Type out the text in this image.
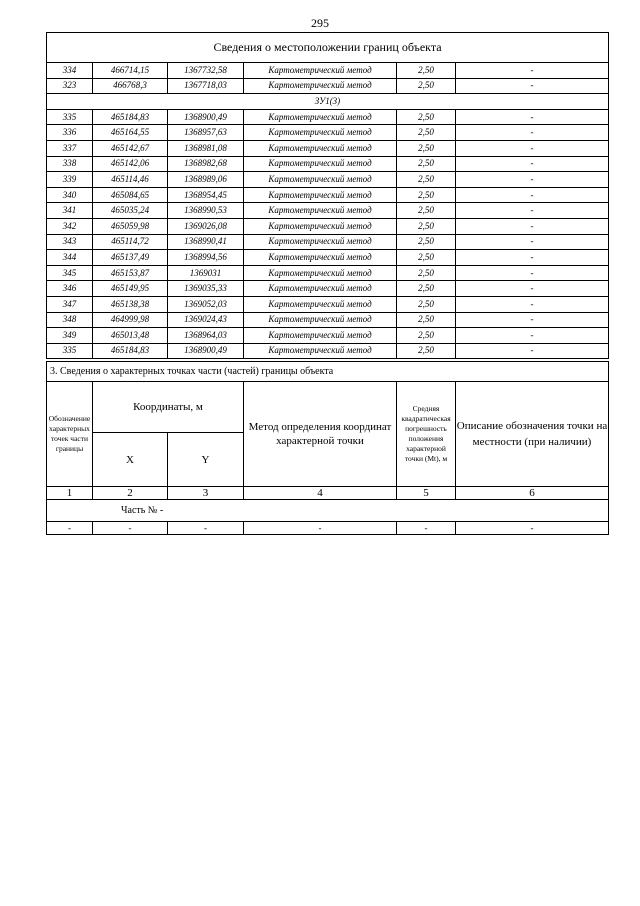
295
Сведения о местоположении границ объекта					
334	466714,15	1367732,58	Картометрический метод	2,50	-
323	466768,3	1367718,03	Картометрический метод	2,50	-
ЗУ1(3)					
335	465184,83	1368900,49	Картометрический метод	2,50	-
336	465164,55	1368957,63	Картометрический метод	2,50	-
337	465142,67	1368981,08	Картометрический метод	2,50	-
338	465142,06	1368982,68	Картометрический метод	2,50	-
339	465114,46	1368989,06	Картометрический метод	2,50	-
340	465084,65	1368954,45	Картометрический метод	2,50	-
341	465035,24	1368990,53	Картометрический метод	2,50	-
342	465059,98	1369026,08	Картометрический метод	2,50	-
343	465114,72	1368990,41	Картометрический метод	2,50	-
344	465137,49	1368994,56	Картометрический метод	2,50	-
345	465153,87	1369031	Картометрический метод	2,50	-
346	465149,95	1369035,33	Картометрический метод	2,50	-
347	465138,38	1369052,03	Картометрический метод	2,50	-
348	464999,98	1369024,43	Картометрический метод	2,50	-
349	465013,48	1368964,03	Картометрический метод	2,50	-
335	465184,83	1368900,49	Картометрический метод	2,50	-
3. Сведения о характерных точках части (частей) границы объекта					
Обозначение характерных точек части границы	Координаты, м		Метод определения координат характерной точки	Средняя квадратическая погрешность положения характерной точки (Mt), м	Описание обозначения точки на местности (при наличии)
	X	Y			
1	2	3	4	5	6
Часть № -					
-	-	-	-	-	-
